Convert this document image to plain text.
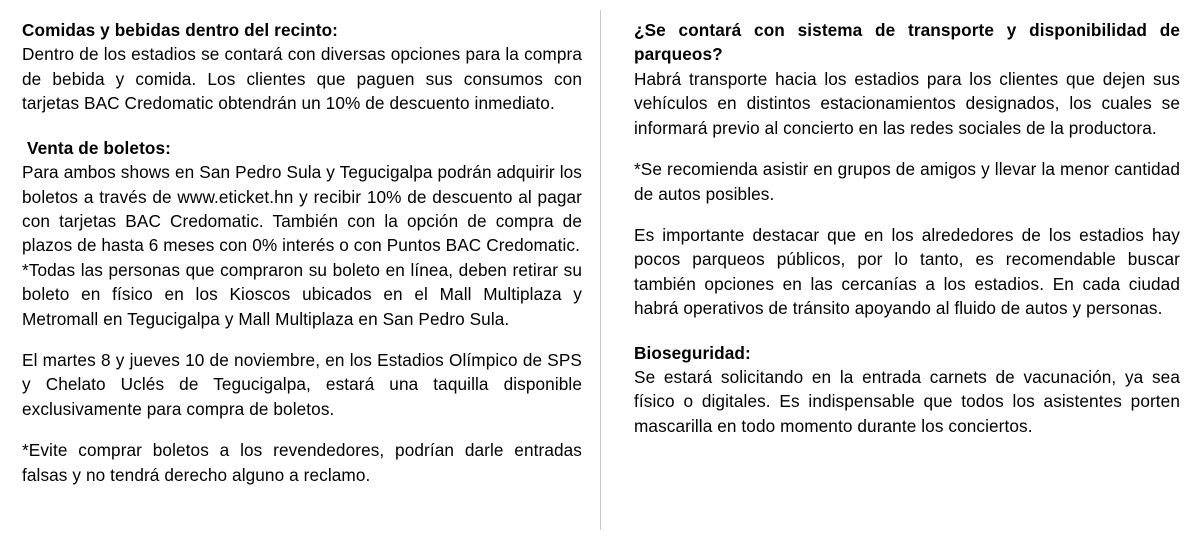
Comidas y bebidas dentro del recinto:

Dentro de los estadios se contará con diversas opciones para la compra de bebida y comida. Los clientes que paguen sus consumos con tarjetas BAC Credomatic obtendrán un 10% de descuento inmediato.

Venta de boletos:

Para ambos shows en San Pedro Sula y Tegucigalpa podrán adquirir los boletos a través de www.eticket.hn y recibir 10% de descuento al pagar con tarjetas BAC Credomatic. También con la opción de compra de plazos de hasta 6 meses con 0% interés o con Puntos BAC Credomatic.

*Todas las personas que compraron su boleto en línea, deben retirar su boleto en físico en los Kioscos ubicados en el Mall Multiplaza y Metromall en Tegucigalpa y Mall Multiplaza en San Pedro Sula.

El martes 8 y jueves 10 de noviembre, en los Estadios Olímpico de SPS y Chelato Uclés de Tegucigalpa, estará una taquilla disponible exclusivamente para compra de boletos.

*Evite comprar boletos a los revendedores, podrían darle entradas falsas y no tendrá derecho alguno a reclamo.

¿Se contará con sistema de transporte y disponibilidad de parqueos?

Habrá transporte hacia los estadios para los clientes que dejen sus vehículos en distintos estacionamientos designados, los cuales se informará previo al concierto en las redes sociales de la productora.

*Se recomienda asistir en grupos de amigos y llevar la menor cantidad de autos posibles.

Es importante destacar que en los alrededores de los estadios hay pocos parqueos públicos, por lo tanto, es recomendable buscar también opciones en las cercanías a los estadios. En cada ciudad habrá operativos de tránsito apoyando al fluido de autos y personas.

Bioseguridad:

Se estará solicitando en la entrada carnets de vacunación, ya sea físico o digitales. Es indispensable que todos los asistentes porten mascarilla en todo momento durante los conciertos.
